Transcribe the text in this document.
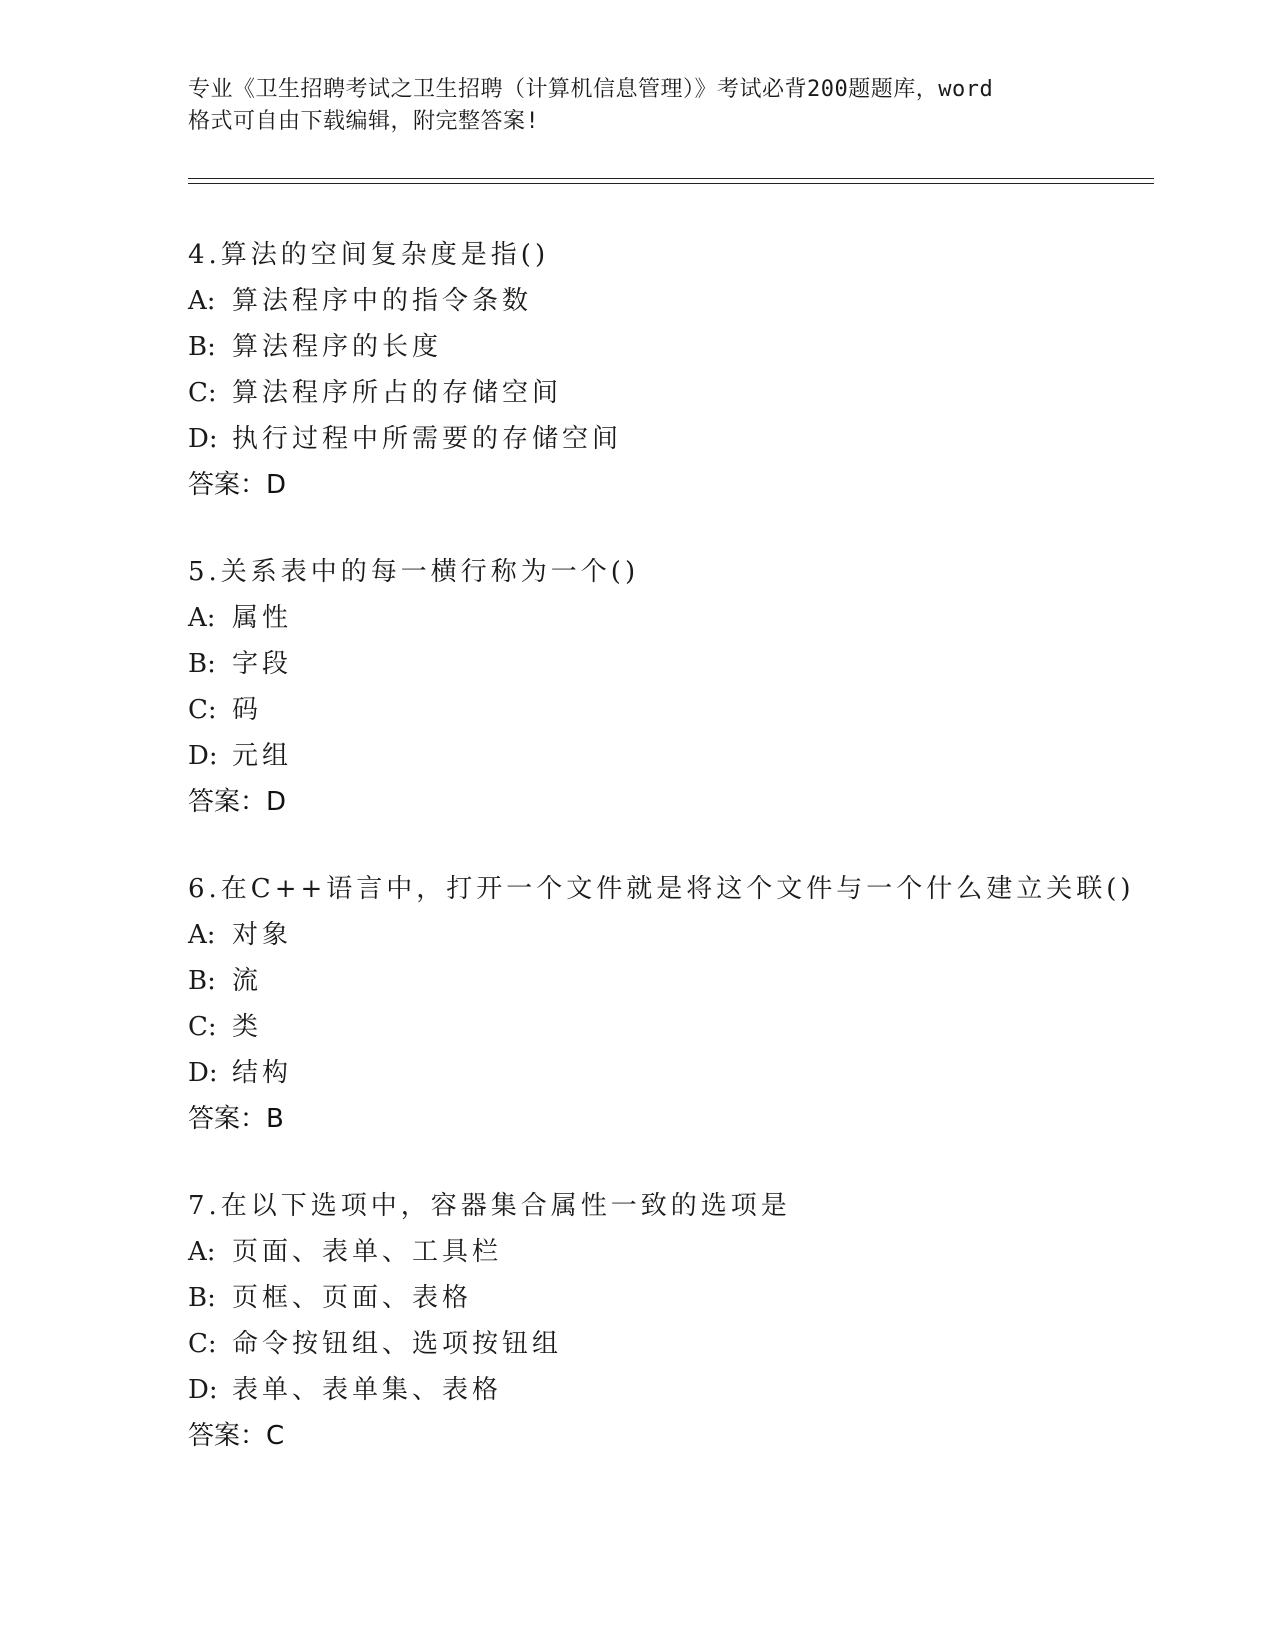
专业《卫生招聘考试之卫生招聘（计算机信息管理）》考试必背200题题库，word
格式可自由下载编辑，附完整答案!
4.算法的空间复杂度是指()
A: 算法程序中的指令条数
B: 算法程序的长度
C: 算法程序所占的存储空间
D: 执行过程中所需要的存储空间
答案：D
5.关系表中的每一横行称为一个()
A: 属性
B: 字段
C: 码
D: 元组
答案：D
6.在C++语言中，打开一个文件就是将这个文件与一个什么建立关联()
A: 对象
B: 流
C: 类
D: 结构
答案：B
7.在以下选项中，容器集合属性一致的选项是
A: 页面、表单、工具栏
B: 页框、页面、表格
C: 命令按钮组、选项按钮组
D: 表单、表单集、表格
答案：C
